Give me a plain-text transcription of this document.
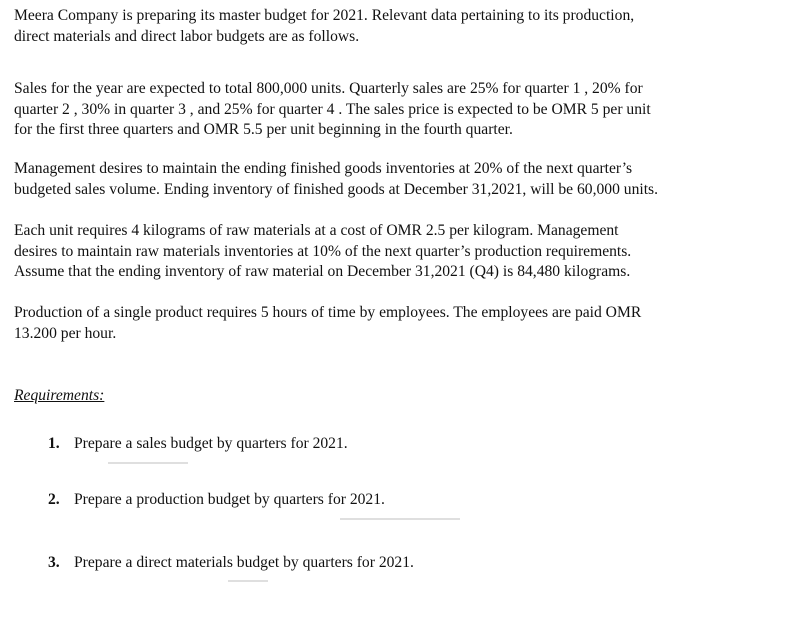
Meera Company is preparing its master budget for 2021. Relevant data pertaining to its production,
direct materials and direct labor budgets are as follows.

Sales for the year are expected to total 800,000 units. Quarterly sales are 25% for quarter 1 , 20% for
quarter 2 , 30% in quarter 3 , and 25% for quarter 4 . The sales price is expected to be OMR 5 per unit
for the first three quarters and OMR 5.5 per unit beginning in the fourth quarter.

Management desires to maintain the ending finished goods inventories at 20% of the next quarter’s
budgeted sales volume. Ending inventory of finished goods at December 31,2021, will be 60,000 units.

Each unit requires 4 kilograms of raw materials at a cost of OMR 2.5 per kilogram. Management
desires to maintain raw materials inventories at 10% of the next quarter’s production requirements.
Assume that the ending inventory of raw material on December 31,2021 (Q4) is 84,480 kilograms.

Production of a single product requires 5 hours of time by employees. The employees are paid OMR
13.200 per hour.

Requirements:
1. Prepare a sales budget by quarters for 2021.
2. Prepare a production budget by quarters for 2021.
3. Prepare a direct materials budget by quarters for 2021.
